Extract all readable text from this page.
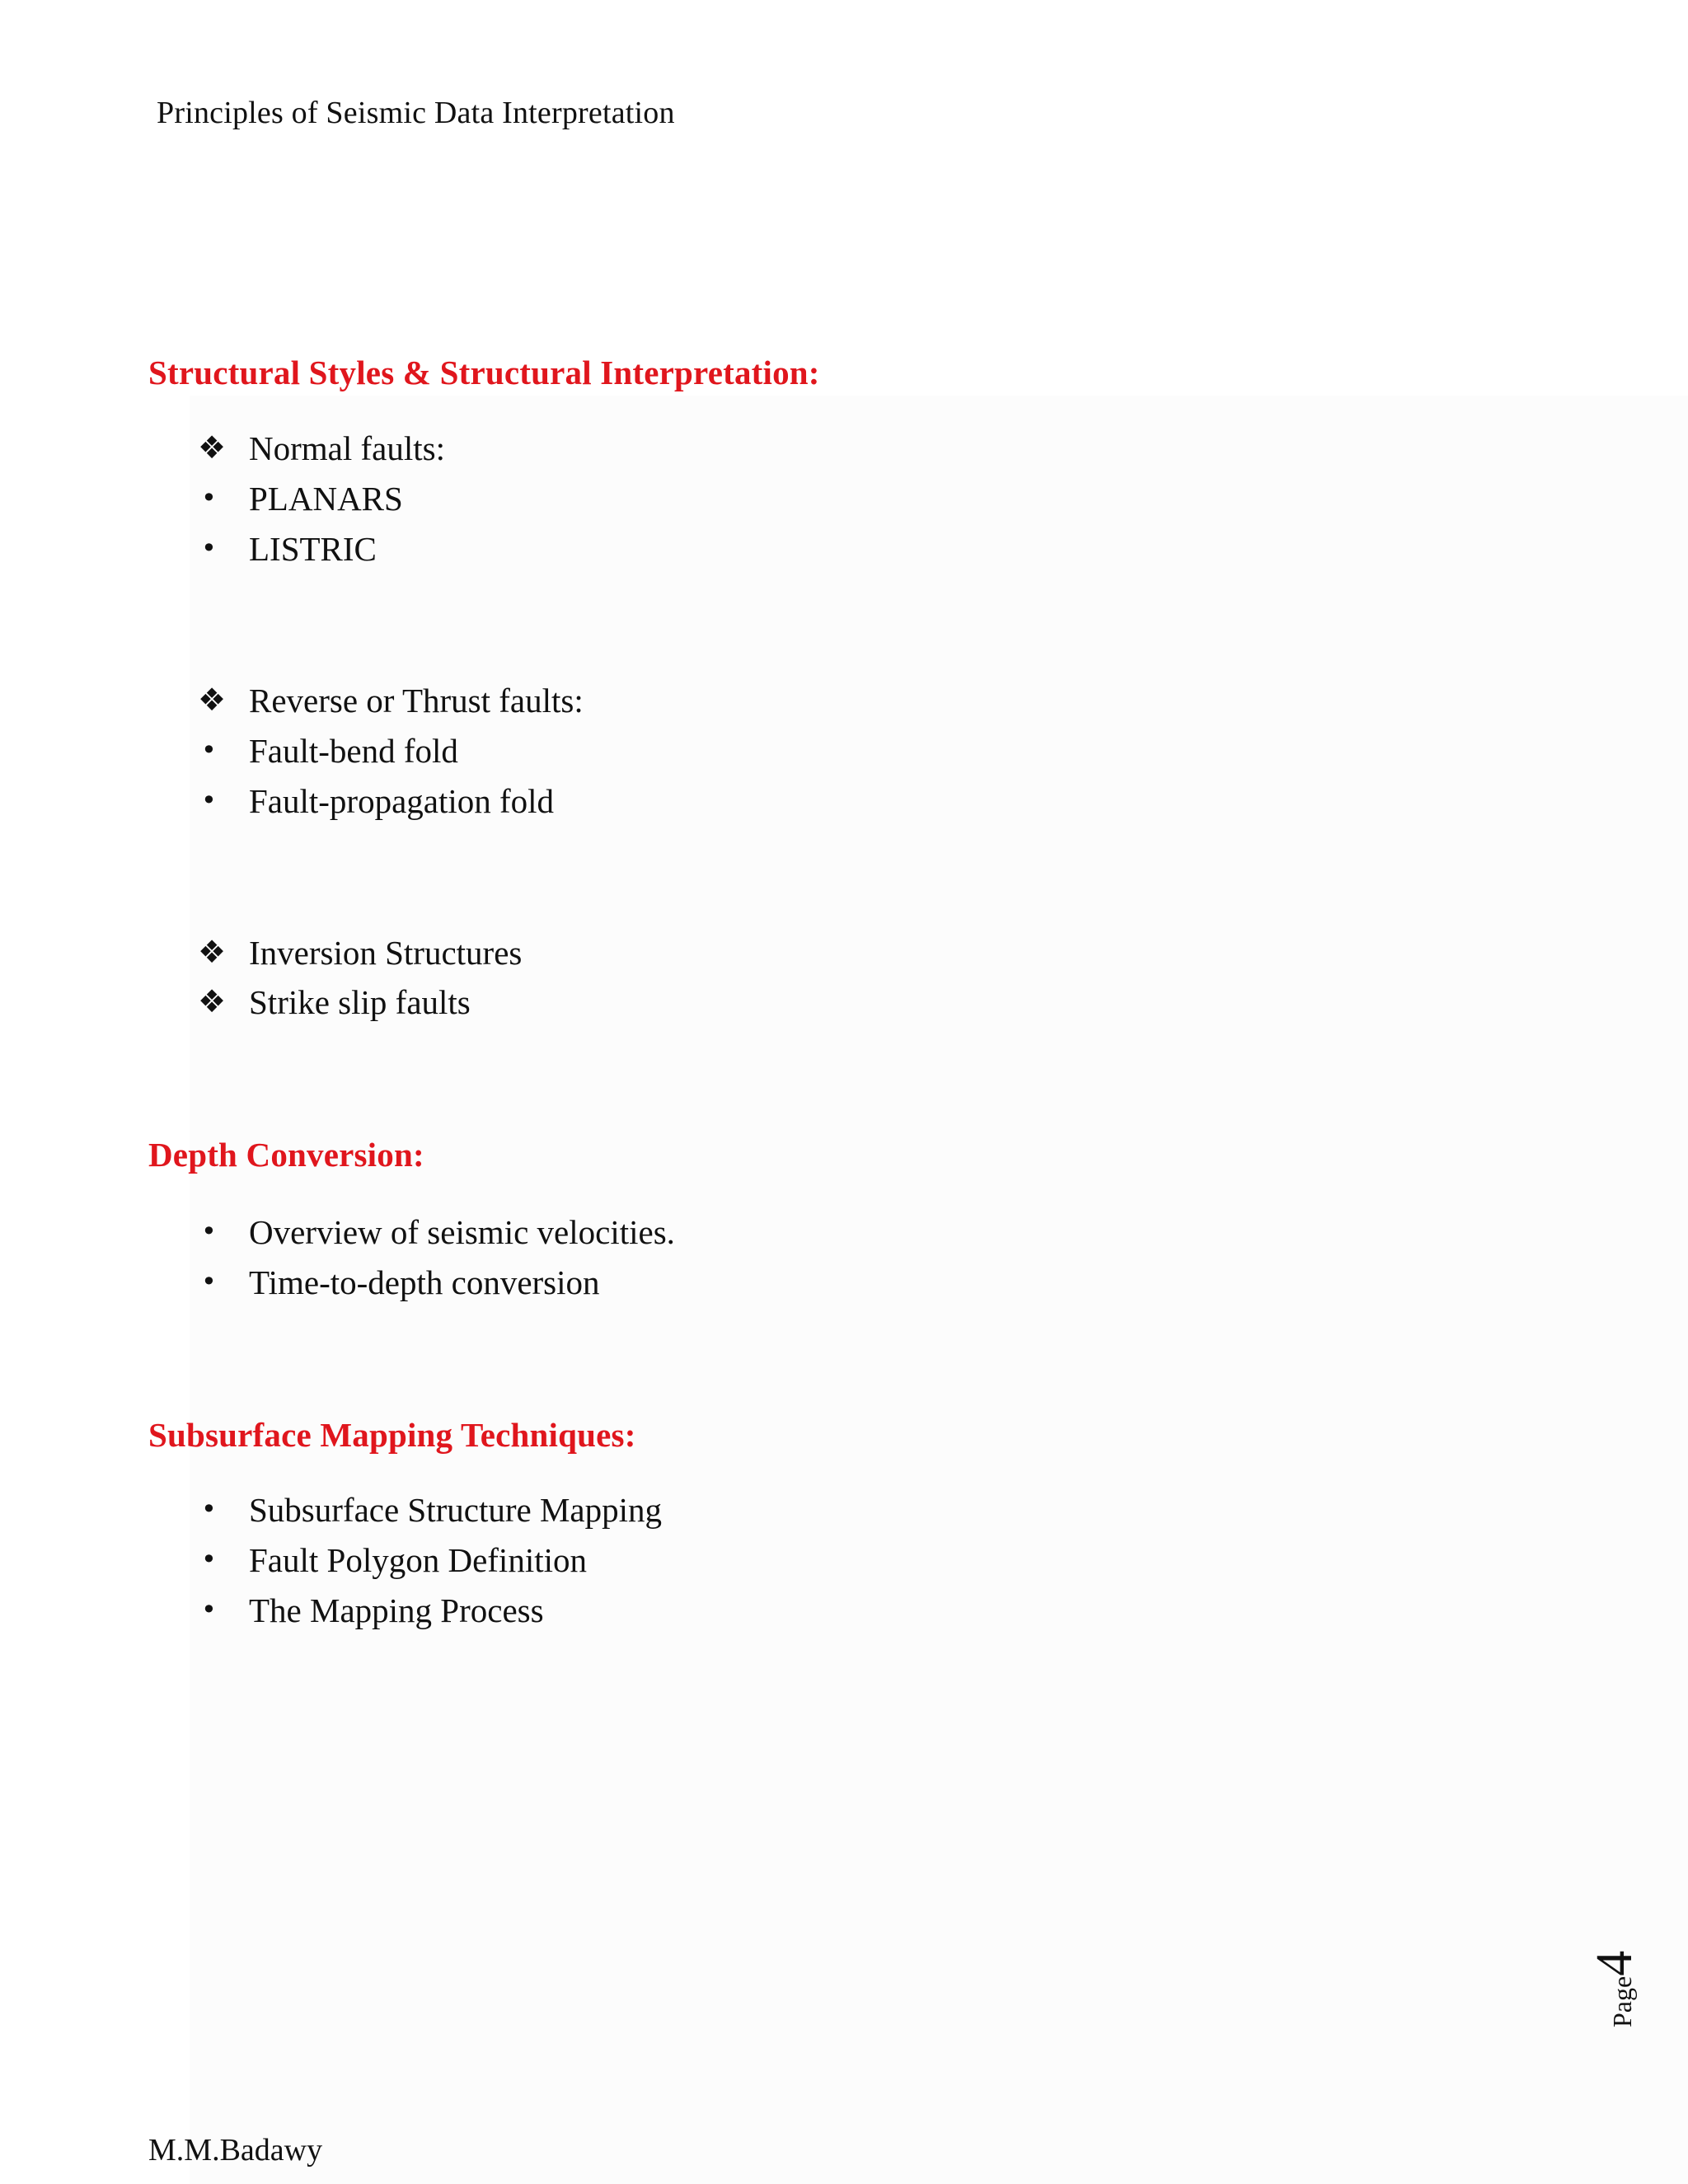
Principles of Seismic Data Interpretation
Structural Styles & Structural Interpretation:
❖ Normal faults:
• PLANARS
• LISTRIC
❖ Reverse or Thrust faults:
• Fault-bend fold
• Fault-propagation fold
❖ Inversion Structures
❖ Strike slip faults
Depth Conversion:
• Overview of seismic velocities.
• Time-to-depth conversion
Subsurface Mapping Techniques:
• Subsurface Structure Mapping
• Fault Polygon Definition
• The Mapping Process
Page4
M.M.Badawy
